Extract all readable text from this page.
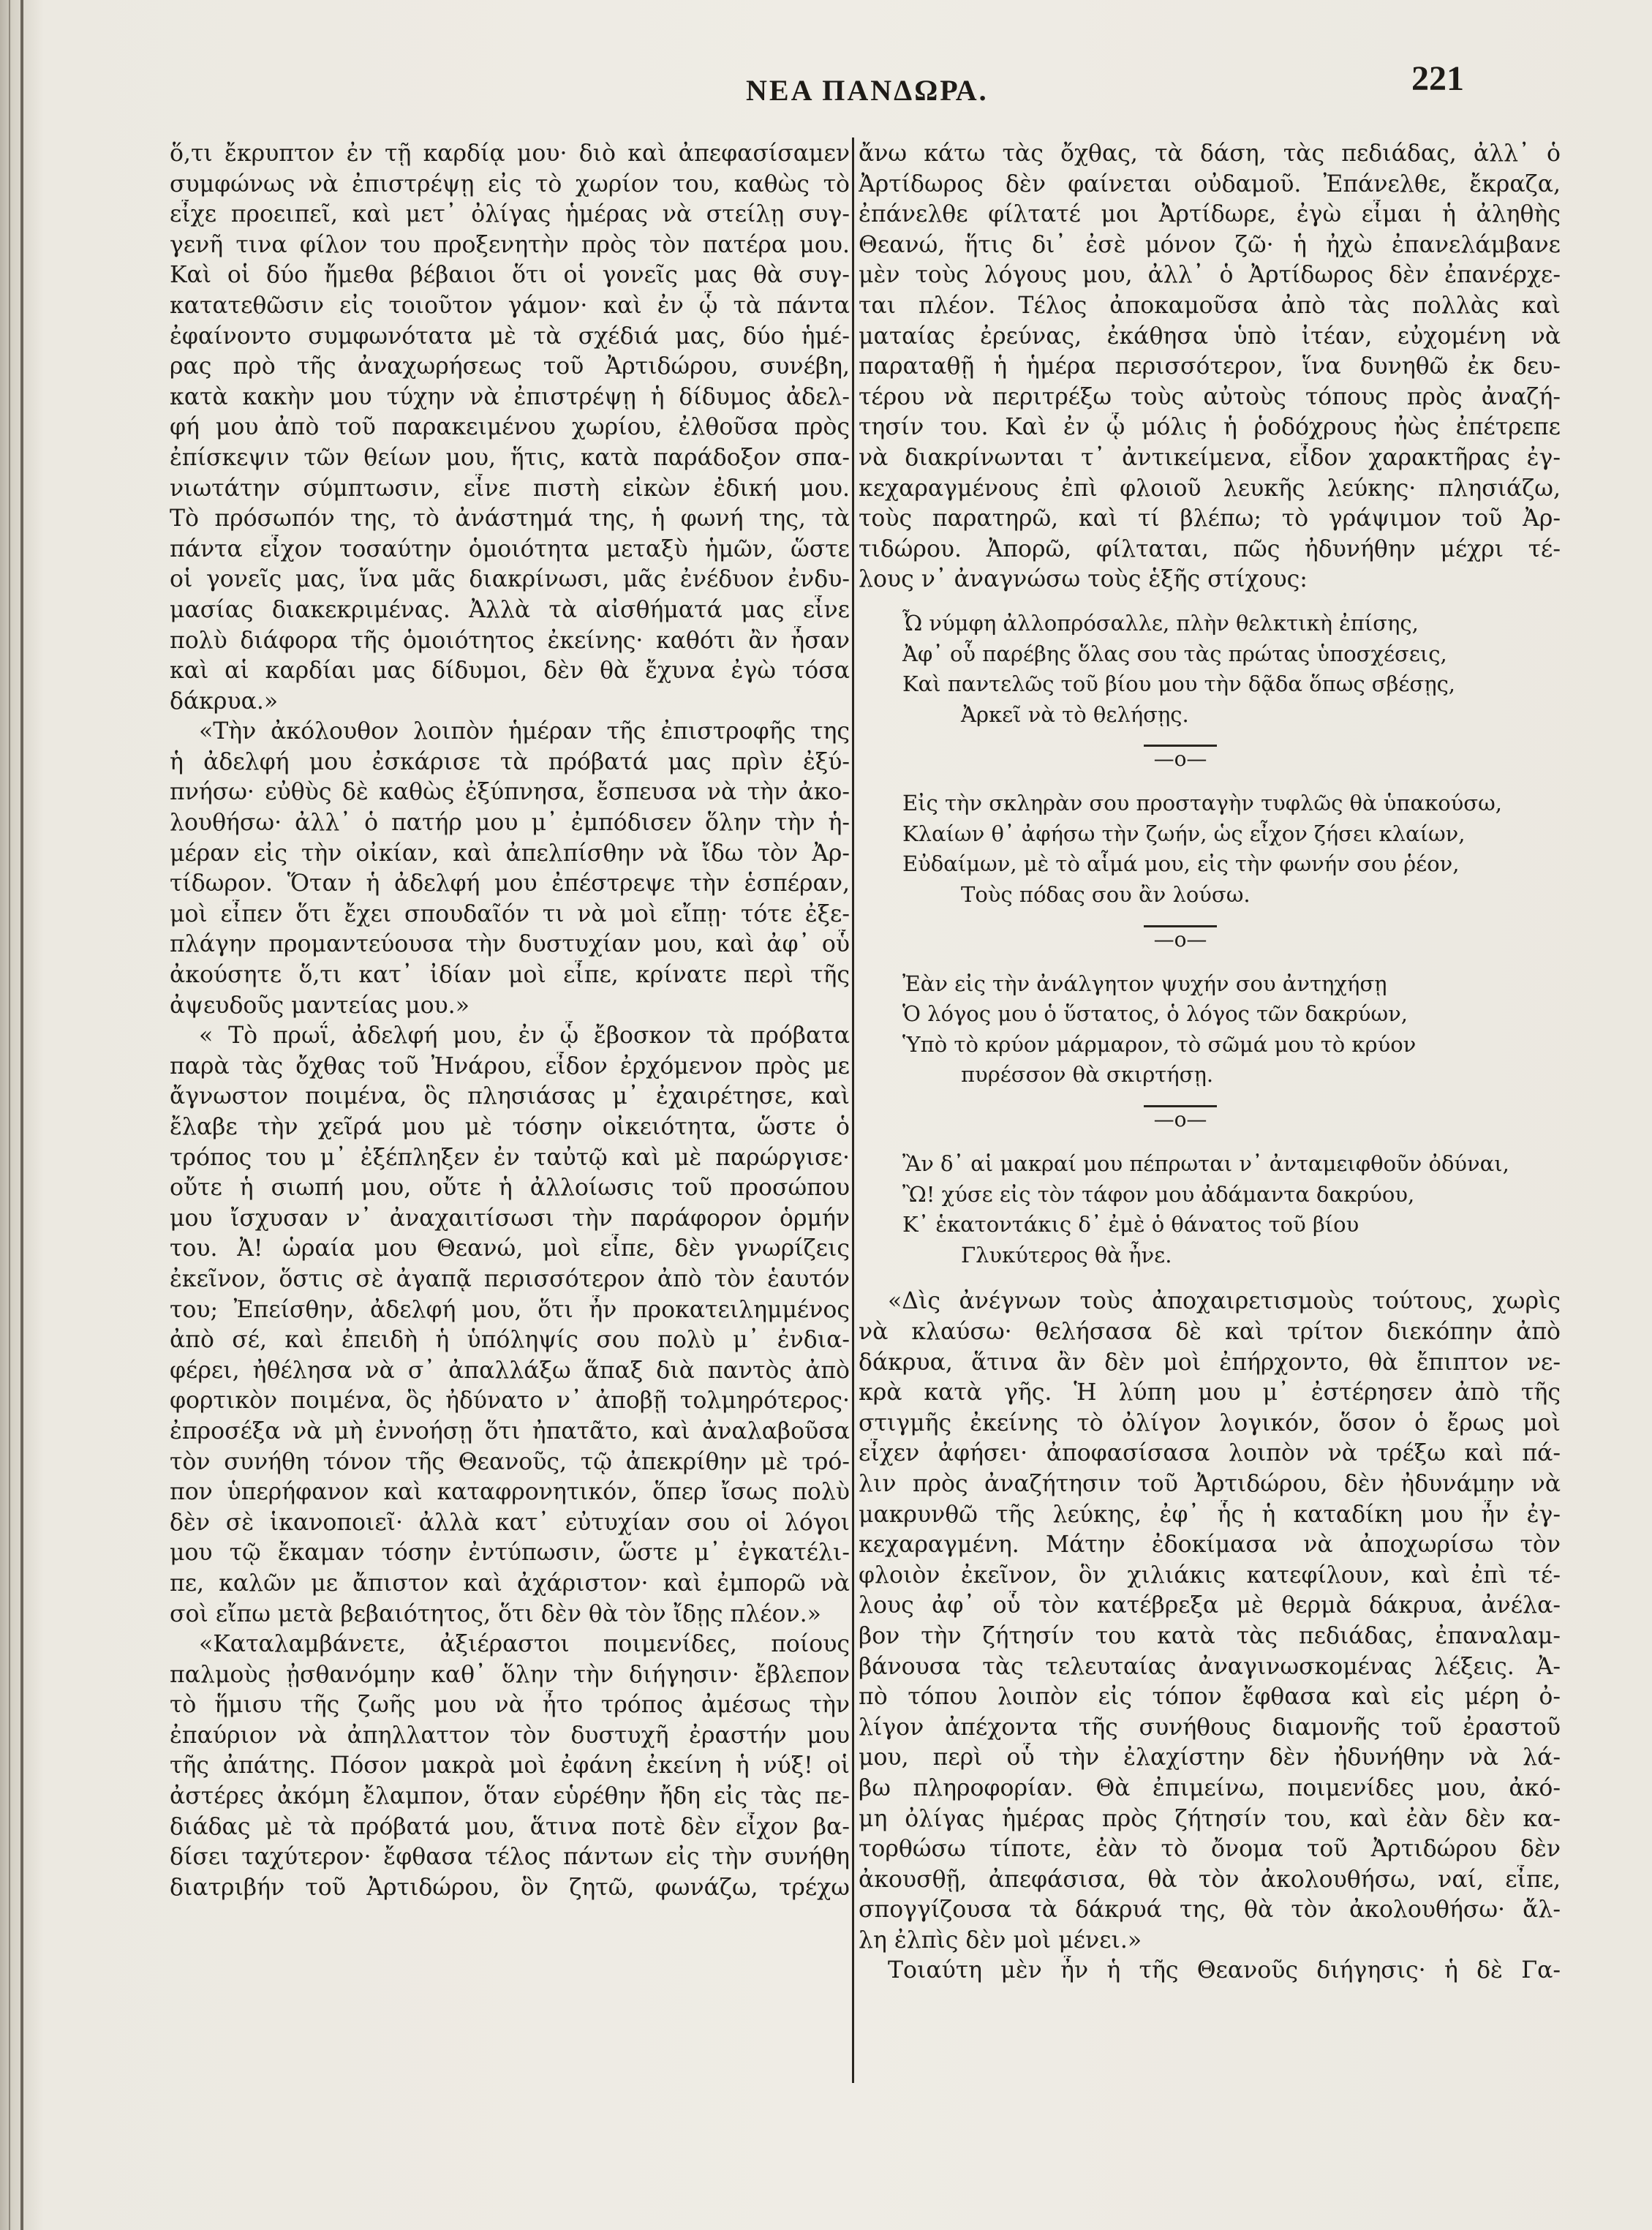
ΝΕΑ ΠΑΝΔΩΡΑ.	221
ὅ,τι ἔκρυπτον ἐν τῇ καρδίᾳ μου· διὸ καὶ ἀπεφασίσαμεν
συμφώνως νὰ ἐπιστρέψῃ εἰς τὸ χωρίον του, καθὼς τὸ
εἶχε προειπεῖ, καὶ μετ᾽ ὀλίγας ἡμέρας νὰ στείλῃ συγ-
γενῆ τινα φίλον του προξενητὴν πρὸς τὸν πατέρα μου.
Καὶ οἱ δύο ἤμεθα βέβαιοι ὅτι οἱ γονεῖς μας θὰ συγ-
κατατεθῶσιν εἰς τοιοῦτον γάμον· καὶ ἐν ᾧ τὰ πάντα
ἐφαίνοντο συμφωνότατα μὲ τὰ σχέδιά μας, δύο ἡμέ-
ρας πρὸ τῆς ἀναχωρήσεως τοῦ Ἀρτιδώρου, συνέβη,
κατὰ κακὴν μου τύχην νὰ ἐπιστρέψῃ ἡ δίδυμος ἀδελ-
φή μου ἀπὸ τοῦ παρακειμένου χωρίου, ἐλθοῦσα πρὸς
ἐπίσκεψιν τῶν θείων μου, ἥτις, κατὰ παράδοξον σπα-
νιωτάτην σύμπτωσιν, εἶνε πιστὴ εἰκὼν ἐδική μου.
Τὸ πρόσωπόν της, τὸ ἀνάστημά της, ἡ φωνή της, τὰ
πάντα εἶχον τοσαύτην ὁμοιότητα μεταξὺ ἡμῶν, ὥστε
οἱ γονεῖς μας, ἵνα μᾶς διακρίνωσι, μᾶς ἐνέδυον ἐνδυ-
μασίας διακεκριμένας. Ἀλλὰ τὰ αἰσθήματά μας εἶνε
πολὺ διάφορα τῆς ὁμοιότητος ἐκείνης· καθότι ἂν ἦσαν
καὶ αἱ καρδίαι μας δίδυμοι, δὲν θὰ ἔχυνα ἐγὼ τόσα
δάκρυα.»
«Τὴν ἀκόλουθον λοιπὸν ἡμέραν τῆς ἐπιστροφῆς της
ἡ ἀδελφή μου ἐσκάρισε τὰ πρόβατά μας πρὶν ἐξύ-
πνήσω· εὐθὺς δὲ καθὼς ἐξύπνησα, ἔσπευσα νὰ τὴν ἀκο-
λουθήσω· ἀλλ᾽ ὁ πατήρ μου μ᾽ ἐμπόδισεν ὅλην τὴν ἡ-
μέραν εἰς τὴν οἰκίαν, καὶ ἀπελπίσθην νὰ ἴδω τὸν Ἀρ-
τίδωρον. Ὅταν ἡ ἀδελφή μου ἐπέστρεψε τὴν ἑσπέραν,
μοὶ εἶπεν ὅτι ἔχει σπουδαῖόν τι νὰ μοὶ εἴπῃ· τότε ἐξε-
πλάγην προμαντεύουσα τὴν δυστυχίαν μου, καὶ ἀφ᾽ οὗ
ἀκούσητε ὅ,τι κατ᾽ ἰδίαν μοὶ εἶπε, κρίνατε περὶ τῆς
ἀψευδοῦς μαντείας μου.»
« Τὸ πρωΐ, ἀδελφή μου, ἐν ᾧ ἔβοσκον τὰ πρόβατα
παρὰ τὰς ὄχθας τοῦ Ἠνάρου, εἶδον ἐρχόμενον πρὸς με
ἄγνωστον ποιμένα, ὃς πλησιάσας μ᾽ ἐχαιρέτησε, καὶ
ἔλαβε τὴν χεῖρά μου μὲ τόσην οἰκειότητα, ὥστε ὁ
τρόπος του μ᾽ ἐξέπληξεν ἐν ταὐτῷ καὶ μὲ παρώργισε·
οὔτε ἡ σιωπή μου, οὔτε ἡ ἀλλοίωσις τοῦ προσώπου
μου ἴσχυσαν ν᾽ ἀναχαιτίσωσι τὴν παράφορον ὁρμήν
του. Ἀ! ὡραία μου Θεανώ, μοὶ εἶπε, δὲν γνωρίζεις
ἐκεῖνον, ὅστις σὲ ἀγαπᾷ περισσότερον ἀπὸ τὸν ἑαυτόν
του; Ἐπείσθην, ἀδελφή μου, ὅτι ἦν προκατειλημμένος
ἀπὸ σέ, καὶ ἐπειδὴ ἡ ὑπόληψίς σου πολὺ μ᾽ ἐνδια-
φέρει, ἠθέλησα νὰ σ᾽ ἀπαλλάξω ἅπαξ διὰ παντὸς ἀπὸ
φορτικὸν ποιμένα, ὃς ἠδύνατο ν᾽ ἀποβῇ τολμηρότερος·
ἐπροσέξα νὰ μὴ ἐννοήσῃ ὅτι ἠπατᾶτο, καὶ ἀναλαβοῦσα
τὸν συνήθη τόνον τῆς Θεανοῦς, τῷ ἀπεκρίθην μὲ τρό-
πον ὑπερήφανον καὶ καταφρονητικόν, ὅπερ ἴσως πολὺ
δὲν σὲ ἱκανοποιεῖ· ἀλλὰ κατ᾽ εὐτυχίαν σου οἱ λόγοι
μου τῷ ἔκαμαν τόσην ἐντύπωσιν, ὥστε μ᾽ ἐγκατέλι-
πε, καλῶν με ἄπιστον καὶ ἀχάριστον· καὶ ἐμπορῶ νὰ
σοὶ εἴπω μετὰ βεβαιότητος, ὅτι δὲν θὰ τὸν ἴδῃς πλέον.»
«Καταλαμβάνετε, ἀξιέραστοι ποιμενίδες, ποίους
παλμοὺς ᾐσθανόμην καθ᾽ ὅλην τὴν διήγησιν· ἔβλεπον
τὸ ἥμισυ τῆς ζωῆς μου νὰ ἦτο τρόπος ἀμέσως τὴν
ἐπαύριον νὰ ἀπηλλαττον τὸν δυστυχῆ ἐραστήν μου
τῆς ἀπάτης. Πόσον μακρὰ μοὶ ἐφάνη ἐκείνη ἡ νύξ! οἱ
ἀστέρες ἀκόμη ἔλαμπον, ὅταν εὑρέθην ἤδη εἰς τὰς πε-
διάδας μὲ τὰ πρόβατά μου, ἅτινα ποτὲ δὲν εἶχον βα-
δίσει ταχύτερον· ἔφθασα τέλος πάντων εἰς τὴν συνήθη
διατριβήν τοῦ Ἀρτιδώρου, ὃν ζητῶ, φωνάζω, τρέχω
ἄνω κάτω τὰς ὄχθας, τὰ δάση, τὰς πεδιάδας, ἀλλ᾽ ὁ
Ἀρτίδωρος δὲν φαίνεται οὐδαμοῦ. Ἐπάνελθε, ἔκραζα,
ἐπάνελθε φίλτατέ μοι Ἀρτίδωρε, ἐγὼ εἶμαι ἡ ἀληθὴς
Θεανώ, ἥτις δι᾽ ἐσὲ μόνον ζῶ· ἡ ἠχὼ ἐπανελάμβανε
μὲν τοὺς λόγους μου, ἀλλ᾽ ὁ Ἀρτίδωρος δὲν ἐπανέρχε-
ται πλέον. Τέλος ἀποκαμοῦσα ἀπὸ τὰς πολλὰς καὶ
ματαίας ἐρεύνας, ἐκάθησα ὑπὸ ἰτέαν, εὐχομένη νὰ
παραταθῇ ἡ ἡμέρα περισσότερον, ἵνα δυνηθῶ ἐκ δευ-
τέρου νὰ περιτρέξω τοὺς αὐτοὺς τόπους πρὸς ἀναζή-
τησίν του. Καὶ ἐν ᾧ μόλις ἡ ῥοδόχρους ἠὼς ἐπέτρεπε
νὰ διακρίνωνται τ᾽ ἀντικείμενα, εἶδον χαρακτῆρας ἐγ-
κεχαραγμένους ἐπὶ φλοιοῦ λευκῆς λεύκης· πλησιάζω,
τοὺς παρατηρῶ, καὶ τί βλέπω; τὸ γράψιμον τοῦ Ἀρ-
τιδώρου. Ἀπορῶ, φίλταται, πῶς ἠδυνήθην μέχρι τέ-
λους ν᾽ ἀναγνώσω τοὺς ἑξῆς στίχους:
Ὦ νύμφη ἀλλοπρόσαλλε, πλὴν θελκτικὴ ἐπίσης,
Ἀφ᾽ οὗ παρέβης ὅλας σου τὰς πρώτας ὑποσχέσεις,
Καὶ παντελῶς τοῦ βίου μου τὴν δᾷδα ὅπως σβέσῃς,
Ἀρκεῖ νὰ τὸ θελήσῃς.
—o—
Εἰς τὴν σκληρὰν σου προσταγὴν τυφλῶς θὰ ὑπακούσω,
Κλαίων θ᾽ ἀφήσω τὴν ζωήν, ὡς εἶχον ζήσει κλαίων,
Εὐδαίμων, μὲ τὸ αἷμά μου, εἰς τὴν φωνήν σου ῥέον,
Τοὺς πόδας σου ἂν λούσω.
—o—
Ἐὰν εἰς τὴν ἀνάλγητον ψυχήν σου ἀντηχήσῃ
Ὁ λόγος μου ὁ ὕστατος, ὁ λόγος τῶν δακρύων,
Ὑπὸ τὸ κρύον μάρμαρον, τὸ σῶμά μου τὸ κρύον
πυρέσσον θὰ σκιρτήσῃ.
—o—
Ἂν δ᾽ αἱ μακραί μου πέπρωται ν᾽ ἀνταμειφθοῦν ὀδύναι,
Ὢ! χύσε εἰς τὸν τάφον μου ἀδάμαντα δακρύου,
Κ᾽ ἑκατοντάκις δ᾽ ἐμὲ ὁ θάνατος τοῦ βίου
Γλυκύτερος θὰ ἦνε.
«Δὶς ἀνέγνων τοὺς ἀποχαιρετισμοὺς τούτους, χωρὶς
νὰ κλαύσω· θελήσασα δὲ καὶ τρίτον διεκόπην ἀπὸ
δάκρυα, ἅτινα ἂν δὲν μοὶ ἐπήρχοντο, θὰ ἔπιπτον νε-
κρὰ κατὰ γῆς. Ἡ λύπη μου μ᾽ ἐστέρησεν ἀπὸ τῆς
στιγμῆς ἐκείνης τὸ ὀλίγον λογικόν, ὅσον ὁ ἔρως μοὶ
εἶχεν ἀφήσει· ἀποφασίσασα λοιπὸν νὰ τρέξω καὶ πά-
λιν πρὸς ἀναζήτησιν τοῦ Ἀρτιδώρου, δὲν ἠδυνάμην νὰ
μακρυνθῶ τῆς λεύκης, ἐφ᾽ ἧς ἡ καταδίκη μου ἦν ἐγ-
κεχαραγμένη. Μάτην ἐδοκίμασα νὰ ἀποχωρίσω τὸν
φλοιὸν ἐκεῖνον, ὃν χιλιάκις κατεφίλουν, καὶ ἐπὶ τέ-
λους ἀφ᾽ οὗ τὸν κατέβρεξα μὲ θερμὰ δάκρυα, ἀνέλα-
βον τὴν ζήτησίν του κατὰ τὰς πεδιάδας, ἐπαναλαμ-
βάνουσα τὰς τελευταίας ἀναγινωσκομένας λέξεις. Ἀ-
πὸ τόπου λοιπὸν εἰς τόπον ἔφθασα καὶ εἰς μέρη ὀ-
λίγον ἀπέχοντα τῆς συνήθους διαμονῆς τοῦ ἐραστοῦ
μου, περὶ οὗ τὴν ἐλαχίστην δὲν ἠδυνήθην νὰ λά-
βω πληροφορίαν. Θὰ ἐπιμείνω, ποιμενίδες μου, ἀκό-
μη ὀλίγας ἡμέρας πρὸς ζήτησίν του, καὶ ἐὰν δὲν κα-
τορθώσω τίποτε, ἐὰν τὸ ὄνομα τοῦ Ἀρτιδώρου δὲν
ἀκουσθῇ, ἀπεφάσισα, θὰ τὸν ἀκολουθήσω, ναί, εἶπε,
σπογγίζουσα τὰ δάκρυά της, θὰ τὸν ἀκολουθήσω· ἄλ-
λη ἐλπὶς δὲν μοὶ μένει.»
Τοιαύτη μὲν ἦν ἡ τῆς Θεανοῦς διήγησις· ἡ δὲ Γα-
